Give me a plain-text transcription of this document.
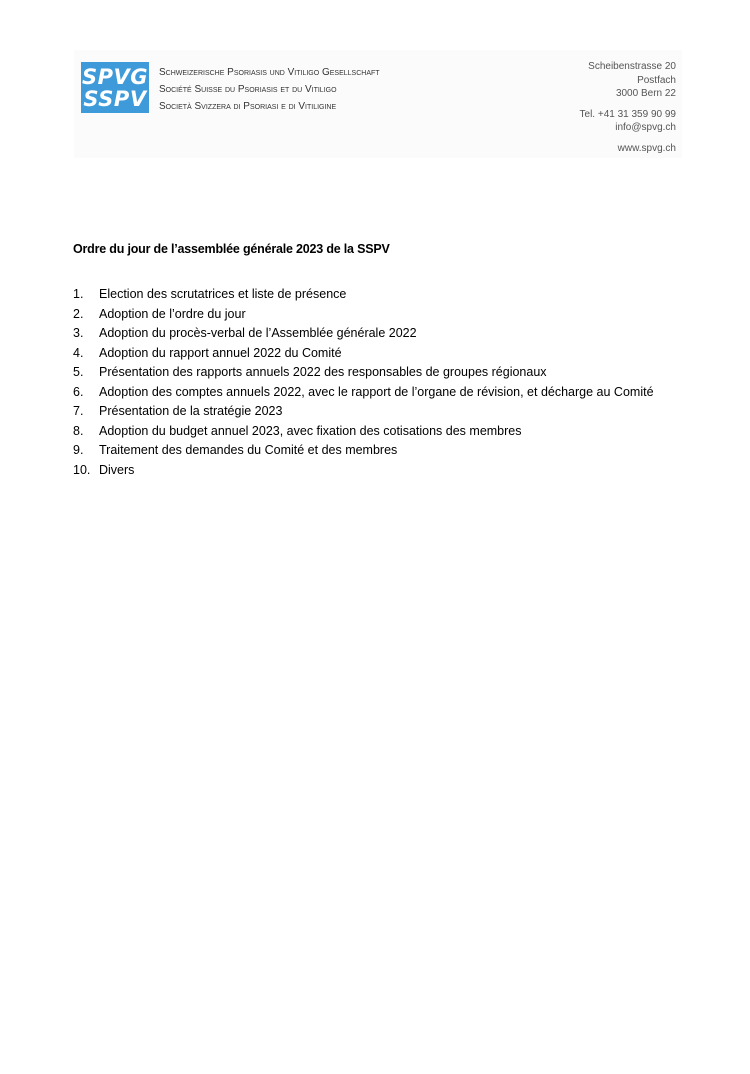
SPVG
SSPV
Schweizerische Psoriasis und Vitiligo Gesellschaft
Société Suisse du Psoriasis et du Vitiligo
Società Svizzera di Psoriasi e di Vitiligine
Scheibenstrasse 20
Postfach
3000 Bern 22
Tel. +41 31 359 90 99
info@spvg.ch
www.spvg.ch
Ordre du jour de l’assemblée générale 2023 de la SSPV
1.	Election des scrutatrices et liste de présence
2.	Adoption de l’ordre du jour
3.	Adoption du procès-verbal de l’Assemblée générale 2022
4.	Adoption du rapport annuel 2022 du Comité
5.	Présentation des rapports annuels 2022 des responsables de groupes régionaux
6.	Adoption des comptes annuels 2022, avec le rapport de l’organe de révision, et décharge au Comité
7.	Présentation de la stratégie 2023
8.	Adoption du budget annuel 2023, avec fixation des cotisations des membres
9.	Traitement des demandes du Comité et des membres
10. Divers
